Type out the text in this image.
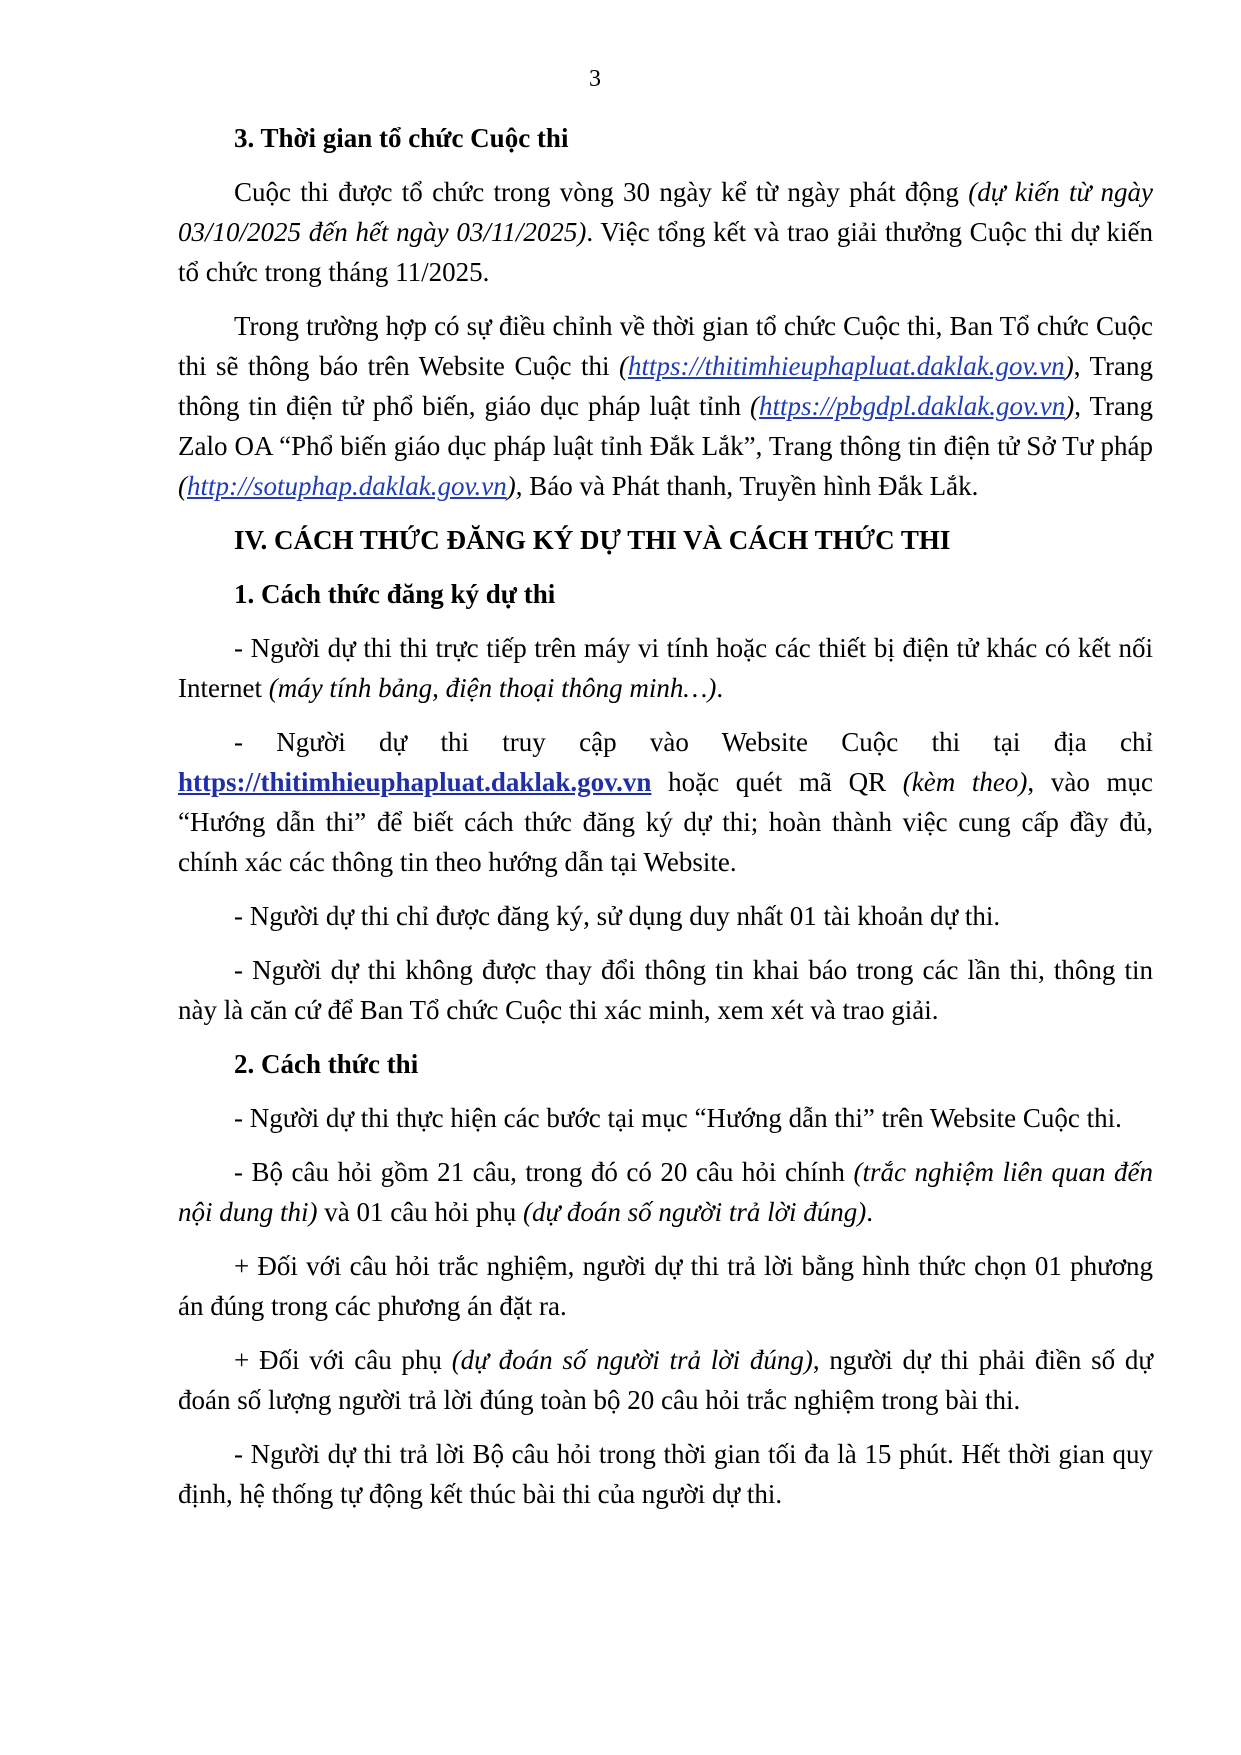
3
3. Thời gian tổ chức Cuộc thi

Cuộc thi được tổ chức trong vòng 30 ngày kể từ ngày phát động (dự kiến từ ngày 03/10/2025 đến hết ngày 03/11/2025). Việc tổng kết và trao giải thưởng Cuộc thi dự kiến tổ chức trong tháng 11/2025.

Trong trường hợp có sự điều chỉnh về thời gian tổ chức Cuộc thi, Ban Tổ chức Cuộc thi sẽ thông báo trên Website Cuộc thi (https://thitimhieuphapluat.daklak.gov.vn), Trang thông tin điện tử phổ biến, giáo dục pháp luật tỉnh (https://pbgdpl.daklak.gov.vn), Trang Zalo OA “Phổ biến giáo dục pháp luật tỉnh Đắk Lắk”, Trang thông tin điện tử Sở Tư pháp (http://sotuphap.daklak.gov.vn), Báo và Phát thanh, Truyền hình Đắk Lắk.

IV. CÁCH THỨC ĐĂNG KÝ DỰ THI VÀ CÁCH THỨC THI
1. Cách thức đăng ký dự thi

- Người dự thi thi trực tiếp trên máy vi tính hoặc các thiết bị điện tử khác có kết nối Internet (máy tính bảng, điện thoại thông minh…).

- Người dự thi truy cập vào Website Cuộc thi tại địa chỉ https://thitimhieuphapluat.daklak.gov.vn hoặc quét mã QR (kèm theo), vào mục “Hướng dẫn thi” để biết cách thức đăng ký dự thi; hoàn thành việc cung cấp đầy đủ, chính xác các thông tin theo hướng dẫn tại Website.

- Người dự thi chỉ được đăng ký, sử dụng duy nhất 01 tài khoản dự thi.

- Người dự thi không được thay đổi thông tin khai báo trong các lần thi, thông tin này là căn cứ để Ban Tổ chức Cuộc thi xác minh, xem xét và trao giải.

2. Cách thức thi

- Người dự thi thực hiện các bước tại mục “Hướng dẫn thi” trên Website Cuộc thi.

- Bộ câu hỏi gồm 21 câu, trong đó có 20 câu hỏi chính (trắc nghiệm liên quan đến nội dung thi) và 01 câu hỏi phụ (dự đoán số người trả lời đúng).

+ Đối với câu hỏi trắc nghiệm, người dự thi trả lời bằng hình thức chọn 01 phương án đúng trong các phương án đặt ra.

+ Đối với câu phụ (dự đoán số người trả lời đúng), người dự thi phải điền số dự đoán số lượng người trả lời đúng toàn bộ 20 câu hỏi trắc nghiệm trong bài thi.

- Người dự thi trả lời Bộ câu hỏi trong thời gian tối đa là 15 phút. Hết thời gian quy định, hệ thống tự động kết thúc bài thi của người dự thi.
